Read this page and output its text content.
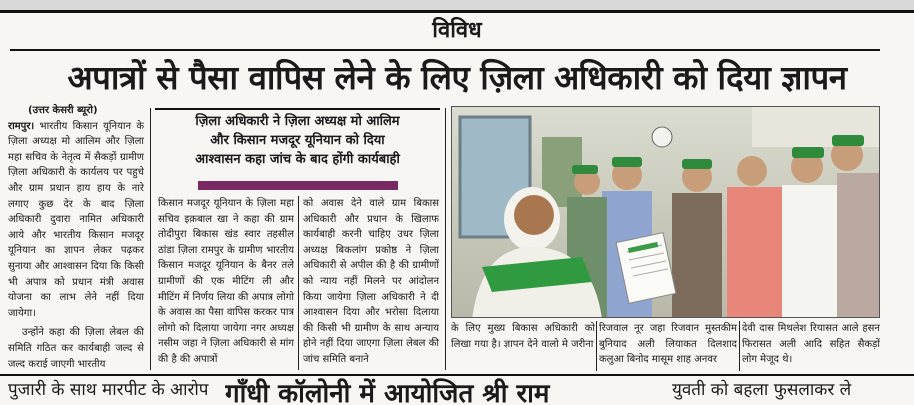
विविध
अपात्रों से पैसा वापिस लेने के लिए ज़िला अधिकारी को दिया ज्ञापन
(उत्तर केसरी ब्यूरो)
रामपुर। भारतीय किसान यूनियान के ज़िला अध्यक्ष मो आलिम और ज़िला महा सचिव के नेतृत्व में सैकड़ों ग्रामीण ज़िला अधिकारी के कार्यलय पर पहुचे और ग्राम प्रधान हाय हाय के नारे लगाए कुछ देर के बाद ज़िला अधिकारी दुवारा नामित अधिकारी आये और भारतीय किसान मजदूर यूनियान का ज्ञापन लेकर पढ़कर सुनाया और आश्वासन दिया कि किसी भी अपात्र को प्रधान मंत्री अवास योजना का लाभ लेने नहीं दिया जायेगा।
उन्होंने कहा की ज़िला लेबल की समिति गठित कर कार्यबाही जल्द से जल्द कराई जाएगी भारतीय
ज़िला अधिकारी ने ज़िला अध्यक्ष मो आलिम
और किसान मजदूर यूनियान को दिया
आश्वासन कहा जांच के बाद होंगी कार्यबाही
किसान मजदूर यूनियान के ज़िला महा सचिव इक़बाल खा ने कहा की ग्राम तोदीपुरा बिकास खंड स्वार तहसील ठांडा ज़िला रामपुर के ग्रामीण भारतीय किसान मजदूर यूनियान के बैनर तले ग्रामीणों की एक मीटिंग ली और मीटिंग में निर्णय लिया की अपात्र लोगो के अवास का पैसा वापिस करकर पात्र लोगो को दिलाया जायेगा नगर अध्यक्ष नसीम जहा ने ज़िला अधिकारी से मांग की है की अपात्रों
को अवास देने वाले ग्राम बिकास अधिकारी और प्रधान के खिलाफ कार्यबाही करनी चाहिए उधर ज़िला अध्यक्ष बिकलांग प्रकोष्ठ ने ज़िला अधिकारी से अपील की है की ग्रामीणों को न्याय नहीं मिलने पर आंदोलन किया जायेगा ज़िला अधिकारी ने दी आश्वासन दिया और भरोसा दिलाया की किसी भी ग्रामीण के साथ अन्याय होने नहीं दिया जाएगा ज़िला लेबल की जांच समिति बनाने
के लिए मुख्य बिकास अधिकारी को लिखा गया है। ज्ञापन देने वालो मे जरीना
रिजवाल नूर जहा रिजवान मुस्तकीम बुनियाद अली लियाकत दिलशाद कलुआ बिनोद मासूम शाह अनवर
देवी दास मिथलेश रियासत आले हसन फिरासत अली आदि सहित सैकड़ों लोग मेजूद थे।
पुजारी के साथ मारपीट के आरोप गाँधी कॉलोनी में आयोजित श्री राम	युवती को बहला फुसलाकर ले
